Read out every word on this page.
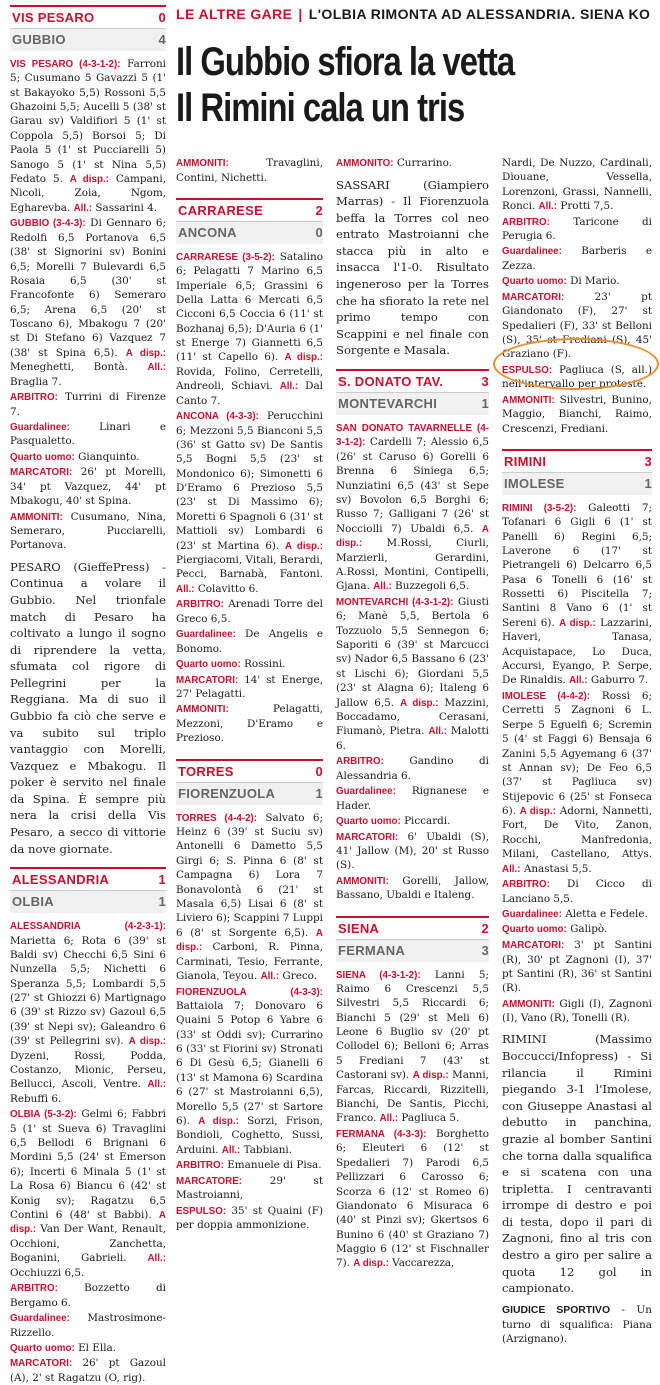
LE ALTRE GARE | L'OLBIA RIMONTA AD ALESSANDRIA. SIENA KO
Il Gubbio sfiora la vetta
Il Rimini cala un tris
VIS PESARO	0
GUBBIO	4

VIS PESARO (4-3-1-2): Farroni 5; Cusumano 5 Gavazzi 5 (1' st Bakayoko 5,5) Rossoni 5,5 Ghazoini 5,5; Aucelli 5 (38' st Garau sv) Valdifiori 5 (1' st Coppola 5,5) Borsoi 5; Di Paola 5 (1' st Pucciarelli 5) Sanogo 5 (1' st Nina 5,5) Fedato 5. A disp.: Campani, Nicoli, Zoia, Ngom, Egharevba. All.: Sassarini 4.

GUBBIO (3-4-3): Di Gennaro 6; Redolfi 6,5 Portanova 6,5 (38' st Signorini sv) Bonini 6,5; Morelli 7 Bulevardi 6,5 Rosaia 6,5 (30' st Francofonte 6) Semeraro 6,5; Arena 6,5 (20' st Toscano 6), Mbakogu 7 (20' st Di Stefano 6) Vazquez 7 (38' st Spina 6,5). A disp.: Meneghetti, Bontà. All.: Braglia 7.

ARBITRO: Turrini di Firenze 7.

Guardalinee: Linari e Pasqualetto.

Quarto uomo: Gianquinto.

MARCATORI: 26' pt Morelli, 34' pt Vazquez, 44' pt Mbakogu, 40' st Spina.

AMMONITI: Cusumano, Nina, Semeraro, Pucciarelli, Portanova.

PESARO (GieffePress) - Continua a volare il Gubbio. Nel trionfale match di Pesaro ha coltivato a lungo il sogno di riprendere la vetta, sfumata col rigore di Pellegrini per la Reggiana. Ma di suo il Gubbio fa ciò che serve e va subito sul triplo vantaggio con Morelli, Vazquez e Mbakogu. Il poker è servito nel finale da Spina. È sempre più nera la crisi della Vis Pesaro, a secco di vittorie da nove giornate.

ALESSANDRIA	1
OLBIA	1

ALESSANDRIA (4-2-3-1): Marietta 6; Rota 6 (39' st Baldi sv) Checchi 6,5 Sini 6 Nunzella 5,5; Nichetti 6 Speranza 5,5; Lombardi 5,5 (27' st Ghiozzi 6) Martignago 6 (39' st Rizzo sv) Gazoul 6,5 (39' st Nepi sv); Galeandro 6 (39' st Pellegrini sv). A disp.: Dyzeni, Rossi, Podda, Costanzo, Mionic, Perseu, Bellucci, Ascoli, Ventre. All.: Rebuffi 6.

OLBIA (5-3-2): Gelmi 6; Fabbri 5 (1' st Sueva 6) Travaglini 6,5 Bellodi 6 Brignani 6 Mordini 5,5 (24' st Emerson 6); Incerti 6 Minala 5 (1' st La Rosa 6) Biancu 6 (42' st Konig sv); Ragatzu 6,5 Contini 6 (48' st Babbi). A disp.: Van Der Want, Renault, Occhioni, Zanchetta, Boganini, Gabrieli. All.: Occhiuzzi 6,5.

ARBITRO: Bozzetto di Bergamo 6.

Guardalinee: Mastrosimone-Rizzello.

Quarto uomo: El Ella.

MARCATORI: 26' pt Gazoul (A), 2' st Ragatzu (O, rig).

AMMONITI: Travaglini, Contini, Nichetti.

CARRARESE	2
ANCONA	0

CARRARESE (3-5-2): Satalino 6; Pelagatti 7 Marino 6,5 Imperiale 6,5; Grassini 6 Della Latta 6 Mercati 6,5 Cicconi 6,5 Coccia 6 (11' st Bozhanaj 6,5); D'Auria 6 (1' st Energe 7) Giannetti 6,5 (11' st Capello 6). A disp.: Rovida, Folino, Cerretelli, Andreoli, Schiavi. All.: Dal Canto 7.

ANCONA (4-3-3): Perucchini 6; Mezzoni 5,5 Bianconi 5,5 (36' st Gatto sv) De Santis 5,5 Bogni 5,5 (23' st Mondonico 6); Simonetti 6 D'Eramo 6 Prezioso 5,5 (23' st Di Massimo 6); Moretti 6 Spagnoli 6 (31' st Mattioli sv) Lombardi 6 (23' st Martina 6). A disp.: Piergiacomi, Vitali, Berardi, Pecci, Barnabà, Fantoni. All.: Colavitto 6.

ARBITRO: Arenadi Torre del Greco 6,5.

Guardalinee: De Angelis e Bonomo.

Quarto uomo: Rossini.

MARCATORI: 14' st Energe, 27' Pelagatti.

AMMONITI: Pelagatti, Mezzoni, D'Eramo e Prezioso.

TORRES	0
FIORENZUOLA	1

TORRES (4-4-2): Salvato 6; Heinz 6 (39' st Suciu sv) Antonelli 6 Dametto 5,5 Girgi 6; S. Pinna 6 (8' st Campagna 6) Lora 7 Bonavolontà 6 (21' st Masala 6,5) Lisai 6 (8' st Liviero 6); Scappini 7 Luppi 6 (8' st Sorgente 6,5). A disp.: Carboni, R. Pinna, Carminati, Tesio, Ferrante, Gianola, Teyou. All.: Greco.

FIORENZUOLA (4-3-3): Battaiola 7; Donovaro 6 Quaini 5 Potop 6 Yabre 6 (33' st Oddi sv); Currarino 6 (33' st Fiorini sv) Stronati 6 Di Gesù 6,5; Gianelli 6 (13' st Mamona 6) Scardina 6 (27' st Mastroianni 6,5), Morello 5,5 (27' st Sartore 6). A disp.: Sorzi, Frison, Bondioli, Coghetto, Sussi, Arduini. All.: Tabbiani.

ARBITRO: Emanuele di Pisa.

MARCATORE: 29' st Mastroianni,

ESPULSO: 35' st Quaini (F) per doppia ammonizione.

AMMONITO: Currarino.

SASSARI (Giampiero Marras) - Il Fiorenzuola beffa la Torres col neo entrato Mastroianni che stacca più in alto e insacca l'1-0. Risultato ingeneroso per la Torres che ha sfiorato la rete nel primo tempo con Scappini e nel finale con Sorgente e Masala.

S. DONATO TAV.	3
MONTEVARCHI	1

SAN DONATO TAVARNELLE (4-3-1-2): Cardelli 7; Alessio 6,5 (26' st Caruso 6) Gorelli 6 Brenna 6 Siniega 6,5; Nunziatini 6,5 (43' st Sepe sv) Bovolon 6,5 Borghi 6; Russo 7; Galligani 7 (26' st Nocciolli 7) Ubaldi 6,5. A disp.: M.Rossi, Ciurli, Marzierli, Gerardini, A.Rossi, Montini, Contipelli, Gjana. All.: Buzzegoli 6,5.

MONTEVARCHI (4-3-1-2): Giusti 6; Manè 5,5, Bertola 6 Tozzuolo 5,5 Sennegon 6; Saporiti 6 (39' st Marcucci sv) Nador 6,5 Bassano 6 (23' st Lischi 6); Giordani 5,5 (23' st Alagna 6); Italeng 6 Jallow 6,5. A disp.: Mazzini, Boccadamo, Cerasani, Fiumanò, Pietra. All.: Malotti 6.

ARBITRO: Gandino di Alessandria 6.

Guardalinee: Rignanese e Hader.

Quarto uomo: Piccardi.

MARCATORI: 6' Ubaldi (S), 41' Jallow (M), 20' st Russo (S).

AMMONITI: Gorelli, Jallow, Bassano, Ubaldi e Italeng.

SIENA	2
FERMANA	3

SIENA (4-3-1-2): Lanni 5; Raimo 6 Crescenzi 5,5 Silvestri 5,5 Riccardi 6; Bianchi 5 (29' st Meli 6) Leone 6 Buglio sv (20' pt Collodel 6); Belloni 6; Arras 5 Frediani 7 (43' st Castorani sv). A disp.: Manni, Farcas, Riccardi, Rizzitelli, Bianchi, De Santis, Picchi, Franco. All.: Pagliuca 5.

FERMANA (4-3-3): Borghetto 6; Eleuteri 6 (12' st Spedalieri 7) Parodi 6,5 Pellizzari 6 Carosso 6; Scorza 6 (12' st Romeo 6) Giandonato 6 Misuraca 6 (40' st Pinzi sv); Gkertsos 6 Bunino 6 (40' st Graziano 7) Maggio 6 (12' st Fischnaller 7). A disp.: Vaccarezza,

Nardi, De Nuzzo, Cardinali, Diouane, Vessella, Lorenzoni, Grassi, Nannelli, Ronci. All.: Protti 7,5.

ARBITRO: Taricone di Perugia 6.

Guardalinee: Barberis e Zezza.

Quarto uomo: Di Mario.

MARCATORI: 23' pt Giandonato (F), 27' st Spedalieri (F), 33' st Belloni (S), 35' st Frediani (S), 45' Graziano (F).

ESPULSO: Pagliuca (S, all.) nell'intervallo per proteste.

AMMONITI: Silvestri, Bunino, Maggio, Bianchi, Raimo, Crescenzi, Frediani.

RIMINI	3
IMOLESE	1

RIMINI (3-5-2): Galeotti 7; Tofanari 6 Gigli 6 (1' st Panelli 6) Regini 6,5; Laverone 6 (17' st Pietrangeli 6) Delcarro 6,5 Pasa 6 Tonelli 6 (16' st Rossetti 6) Piscitella 7; Santini 8 Vano 6 (1' st Sereni 6). A disp.: Lazzarini, Haveri, Tanasa, Acquistapace, Lo Duca, Accursi, Eyango, P. Serpe, De Rinaldis. All.: Gaburro 7.

IMOLESE (4-4-2): Rossi 6; Cerretti 5 Zagnoni 6 L. Serpe 5 Eguelfi 6; Scremin 5 (4' st Faggi 6) Bensaja 6 Zanini 5,5 Agyemang 6 (37' st Annan sv); De Feo 6,5 (37' st Pagliuca sv) Stijepovic 6 (25' st Fonseca 6). A disp.: Adorni, Nannetti, Fort, De Vito, Zanon, Rocchi, Manfredonia, Milani, Castellano, Attys. All.: Anastasi 5,5.

ARBITRO: Di Cicco di Lanciano 5,5.

Guardalinee: Aletta e Fedele.

Quarto uomo: Galipò.

MARCATORI: 3' pt Santini (R), 30' pt Zagnoni (I), 37' pt Santini (R), 36' st Santini (R).

AMMONITI: Gigli (I), Zagnoni (I), Vano (R), Tonelli (R).

RIMINI (Massimo Boccucci/Infopress) - Si rilancia il Rimini piegando 3-1 l'Imolese, con Giuseppe Anastasi al debutto in panchina, grazie al bomber Santini che torna dalla squalifica e si scatena con una tripletta. I centravanti irrompe di destro e poi di testa, dopo il pari di Zagnoni, fino al tris con destro a giro per salire a quota 12 gol in campionato.

GIUDICE SPORTIVO - Un turno di squalifica: Piana (Arzignano).
